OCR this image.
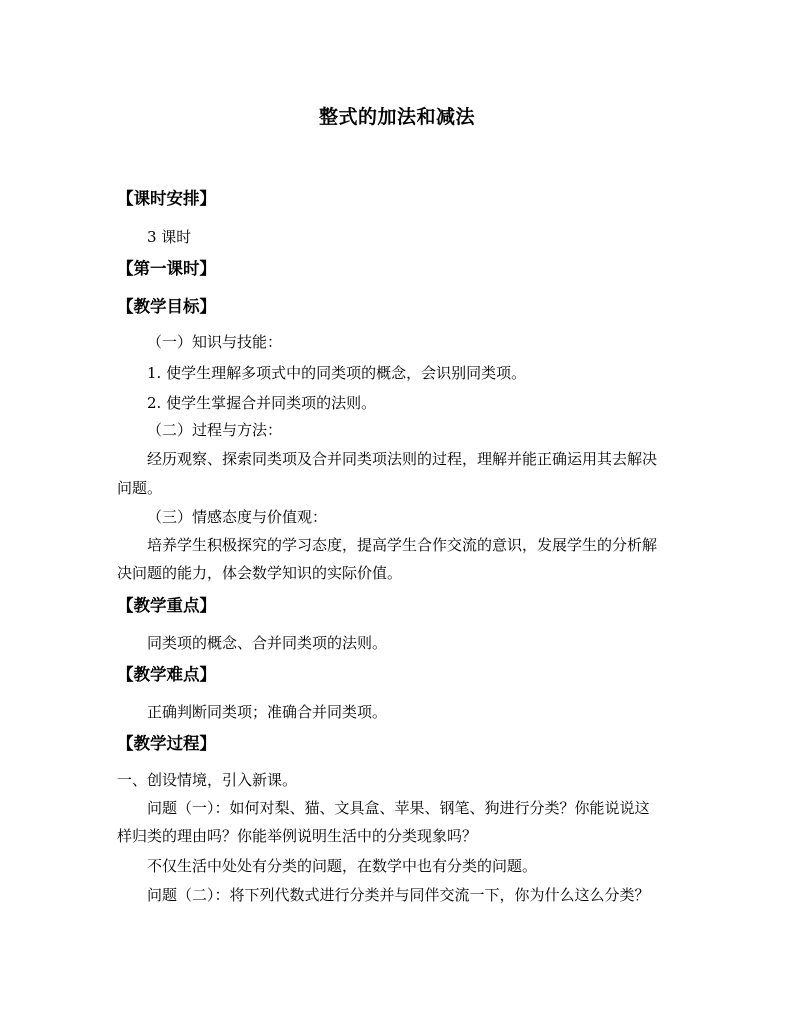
整式的加法和减法
【课时安排】
3 课时
【第一课时】
【教学目标】
（一）知识与技能：
1. 使学生理解多项式中的同类项的概念，会识别同类项。
2. 使学生掌握合并同类项的法则。
（二）过程与方法：
经历观察、探索同类项及合并同类项法则的过程，理解并能正确运用其去解决
问题。
（三）情感态度与价值观：
培养学生积极探究的学习态度，提高学生合作交流的意识，发展学生的分析解
决问题的能力，体会数学知识的实际价值。
【教学重点】
同类项的概念、合并同类项的法则。
【教学难点】
正确判断同类项；准确合并同类项。
【教学过程】
一、创设情境，引入新课。
问题（一）：如何对梨、猫、文具盒、苹果、钢笔、狗进行分类？你能说说这
样归类的理由吗？你能举例说明生活中的分类现象吗？
不仅生活中处处有分类的问题，在数学中也有分类的问题。
问题（二）：将下列代数式进行分类并与同伴交流一下，你为什么这么分类？
